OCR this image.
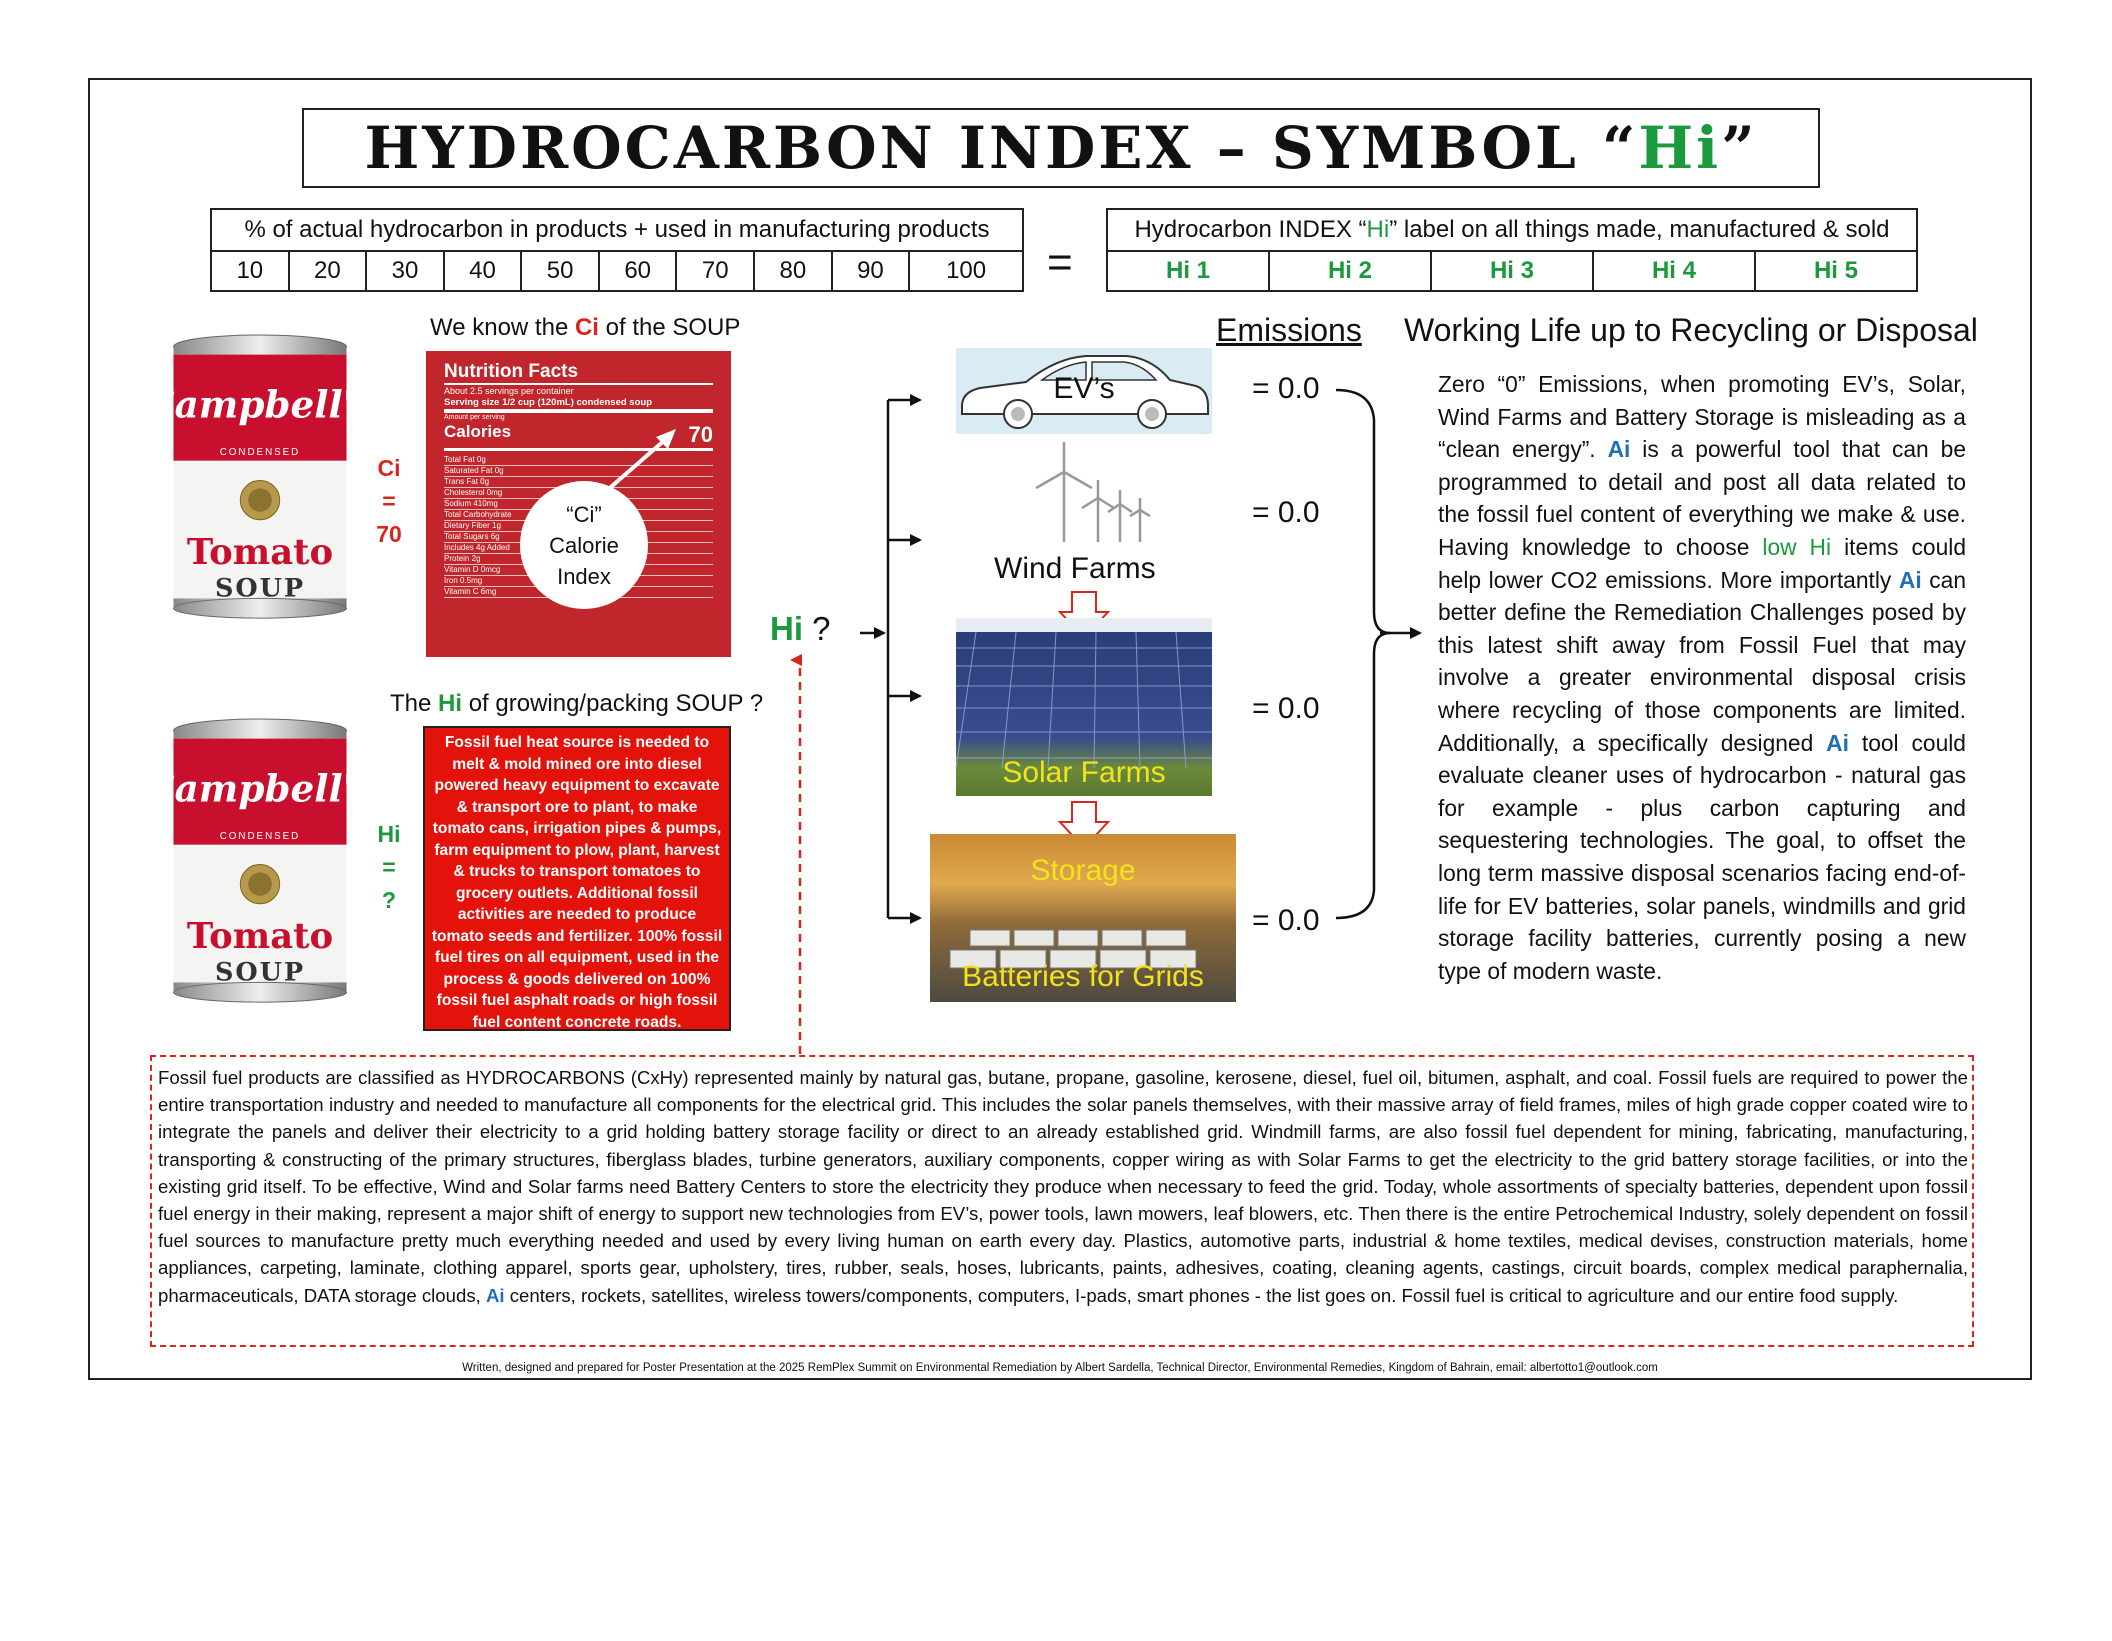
HYDROCARBON INDEX – SYMBOL “ Hi ”
% of actual hydrocarbon in products + used in manufacturing products
10	20	30	40	50	60	70	80	90	100 =
Hydrocarbon INDEX “Hi” label on all things made, manufactured & sold
Hi 1	Hi 2	Hi 3	Hi 4	Hi 5
We know the Ci of the SOUP
Campbell's
CONDENSED
Tomato
SOUP
Ci
=
70
Nutrition Facts
About 2.5 servings per container
Serving size 1/2 cup (120mL) condensed soup
Amount per serving
Calories	70
Total Fat 0g
Saturated Fat 0g
Trans Fat 0g
Cholesterol 0mg
Sodium 410mg
Total Carbohydrate
Dietary Fiber 1g
Total Sugars 6g
Includes 4g Added
Protein 2g
Vitamin D 0mcg
Iron 0.5mg
Vitamin C 6mg
“Ci”
Calorie
Index
The Hi of growing/packing SOUP ?
Campbell's
CONDENSED
Tomato
SOUP
Hi
=
?
Fossil fuel heat source is needed to melt & mold mined ore into diesel powered heavy equipment to excavate & transport ore to plant, to make tomato cans, irrigation pipes & pumps, farm equipment to plow, plant, harvest & trucks to transport tomatoes to grocery outlets. Additional fossil activities are needed to produce tomato seeds and fertilizer. 100% fossil fuel tires on all equipment, used in the process & goods delivered on 100% fossil fuel asphalt roads or high fossil fuel content concrete roads.
Hi ?
EV’s
Wind Farms
Solar Farms
Storage
Batteries for Grids
Emissions
= 0.0
= 0.0
= 0.0
= 0.0
Working Life up to Recycling or Disposal
Zero “0” Emissions, when promoting EV’s, Solar, Wind Farms and Battery Storage is misleading as a “clean energy”. Ai is a powerful tool that can be programmed to detail and post all data related to the fossil fuel content of everything we make & use. Having knowledge to choose low Hi items could help lower CO2 emissions. More importantly Ai can better define the Remediation Challenges posed by this latest shift away from Fossil Fuel that may involve a greater environmental disposal crisis where recycling of those components are limited. Additionally, a specifically designed Ai tool could evaluate cleaner uses of hydrocarbon - natural gas for example - plus carbon capturing and sequestering technologies. The goal, to offset the long term massive disposal scenarios facing end-of-life for EV batteries, solar panels, windmills and grid storage facility batteries, currently posing a new type of modern waste.
Fossil fuel products are classified as HYDROCARBONS (CxHy) represented mainly by natural gas, butane, propane, gasoline, kerosene, diesel, fuel oil, bitumen, asphalt, and coal. Fossil fuels are required to power the entire transportation industry and needed to manufacture all components for the electrical grid. This includes the solar panels themselves, with their massive array of field frames, miles of high grade copper coated wire to integrate the panels and deliver their electricity to a grid holding battery storage facility or direct to an already established grid. Windmill farms, are also fossil fuel dependent for mining, fabricating, manufacturing, transporting & constructing of the primary structures, fiberglass blades, turbine generators, auxiliary components, copper wiring as with Solar Farms to get the electricity to the grid battery storage facilities, or into the existing grid itself. To be effective, Wind and Solar farms need Battery Centers to store the electricity they produce when necessary to feed the grid. Today, whole assortments of specialty batteries, dependent upon fossil fuel energy in their making, represent a major shift of energy to support new technologies from EV’s, power tools, lawn mowers, leaf blowers, etc. Then there is the entire Petrochemical Industry, solely dependent on fossil fuel sources to manufacture pretty much everything needed and used by every living human on earth every day. Plastics, automotive parts, industrial & home textiles, medical devises, construction materials, home appliances, carpeting, laminate, clothing apparel, sports gear, upholstery, tires, rubber, seals, hoses, lubricants, paints, adhesives, coating, cleaning agents, castings, circuit boards, complex medical paraphernalia, pharmaceuticals, DATA storage clouds, Ai centers, rockets, satellites, wireless towers/components, computers, I-pads, smart phones - the list goes on. Fossil fuel is critical to agriculture and our entire food supply.
Written, designed and prepared for Poster Presentation at the 2025 RemPlex Summit on Environmental Remediation by Albert Sardella, Technical Director, Environmental Remedies, Kingdom of Bahrain, email: albertotto1@outlook.com
